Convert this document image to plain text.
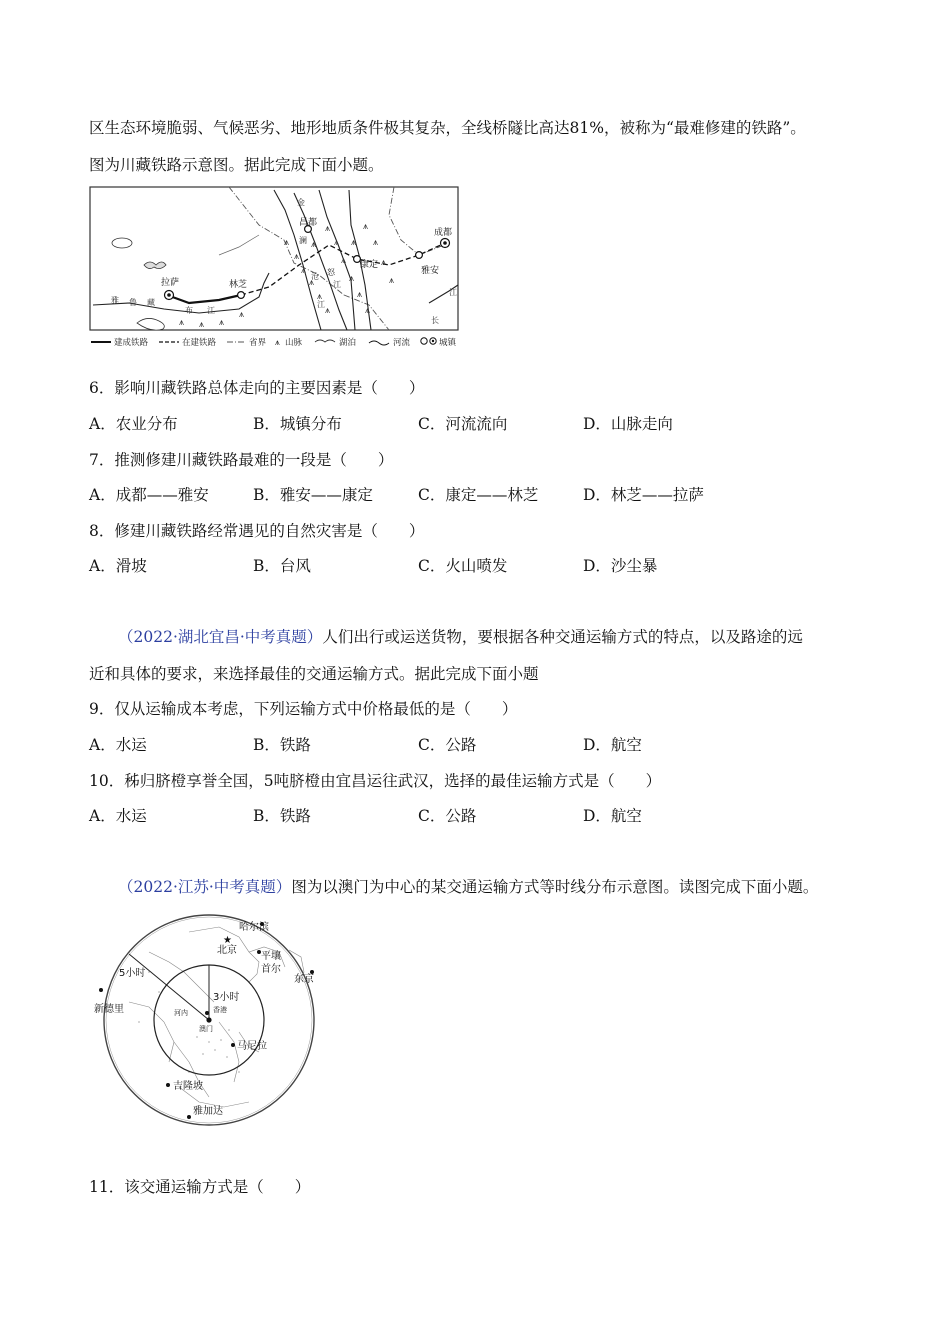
区生态环境脆弱、气候恶劣、地形地质条件极其复杂，全线桥隧比高达81%，被称为“最难修建的铁路”。
图为川藏铁路示意图。据此完成下面小题。
⩚
⩚
⩚
⩚
⩚
⩚
⩚
⩚
⩚
⩚
⩚
⩚
⩚
⩚
⩚
⩚
⩚
⩚
⩚ ⩚ ⩚
⩚
成都
雅安
康定
昌都
拉萨	林芝
金
澜
沧
江
怒
江
雅 鲁 藏
布 江
长
江
建成铁路	在建铁路	省界 ⩚ 山脉	湖泊	河流	城镇
6．影响川藏铁路总体走向的主要因素是（　　）
A．农业分布	B．城镇分布	C．河流流向	D．山脉走向
7．推测修建川藏铁路最难的一段是（　　）
A．成都——雅安	B．雅安——康定	C．康定——林芝	D．林芝——拉萨
8．修建川藏铁路经常遇见的自然灾害是（　　）
A．滑坡	B．台风	C．火山喷发	D．沙尘暴
（2022·湖北宜昌·中考真题）人们出行或运送货物，要根据各种交通运输方式的特点，以及路途的远
近和具体的要求，来选择最佳的交通运输方式。据此完成下面小题
9．仅从运输成本考虑，下列运输方式中价格最低的是（　　）
A．水运	B．铁路	C．公路	D．航空
10．秭归脐橙享誉全国，5吨脐橙由宜昌运往武汉，选择的最佳运输方式是（　　）
A．水运	B．铁路	C．公路	D．航空
（2022·江苏·中考真题）图为以澳门为中心的某交通运输方式等时线分布示意图。读图完成下面小题。
★
哈尔滨
北京
平壤
首尔
东京
新德里
马尼拉
吉隆坡
雅加达
5小时
3小时
河内
澳门
香港
11．该交通运输方式是（　　）
